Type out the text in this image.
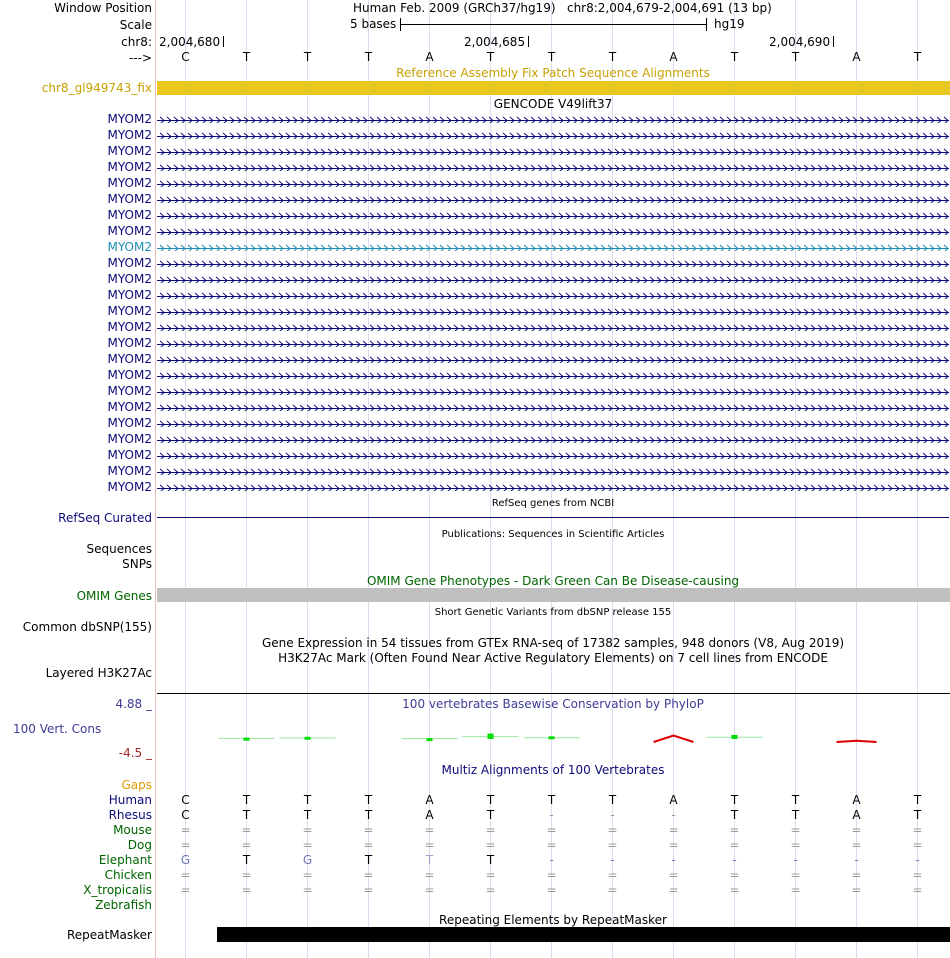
Window Position
Scale
chr8:
--->
Human Feb. 2009 (GRCh37/hg19) chr8:2,004,679-2,004,691 (13 bp)
5 bases	hg19
2,004,680	2,004,685	2,004,690
C	T	T	T	A	T	T	T	A	T	T	A	T
Reference Assembly Fix Patch Sequence Alignments
chr8_gl949743_fix
GENCODE V49lift37
MYOM2
MYOM2
MYOM2
MYOM2
MYOM2
MYOM2
MYOM2
MYOM2
MYOM2
MYOM2
MYOM2
MYOM2
MYOM2
MYOM2
MYOM2
MYOM2
MYOM2
MYOM2
MYOM2
MYOM2
MYOM2
MYOM2
MYOM2
MYOM2
RefSeq genes from NCBI
RefSeq Curated
Publications: Sequences in Scientific Articles
Sequences
SNPs
OMIM Gene Phenotypes - Dark Green Can Be Disease-causing
OMIM Genes
Short Genetic Variants from dbSNP release 155
Common dbSNP(155)
Gene Expression in 54 tissues from GTEx RNA-seq of 17382 samples, 948 donors (V8, Aug 2019)
H3K27Ac Mark (Often Found Near Active Regulatory Elements) on 7 cell lines from ENCODE
Layered H3K27Ac
100 vertebrates Basewise Conservation by PhyloP
4.88 _
100 Vert. Cons
-4.5 _
Multiz Alignments of 100 Vertebrates
Gaps
Human	C	T	T	T	A	T	T	T	A	T	T	A	T
Rhesus	C	T	T	T	A	T	-	-	-	T	T	A	T
Mouse	=	=	=	=	=	=	=	=	=	=	=	=	=
Dog	=	=	=	=	=	=	=	=	=	=	=	=	=
Elephant	G	T	G	T	T	T	-	-	-	-	-	-	-
Chicken	=	=	=	=	=	=	=	=	=	=	=	=	=
X_tropicalis	=	=	=	=	=	=	=	=	=	=	=	=	=
Zebrafish
Repeating Elements by RepeatMasker
RepeatMasker
